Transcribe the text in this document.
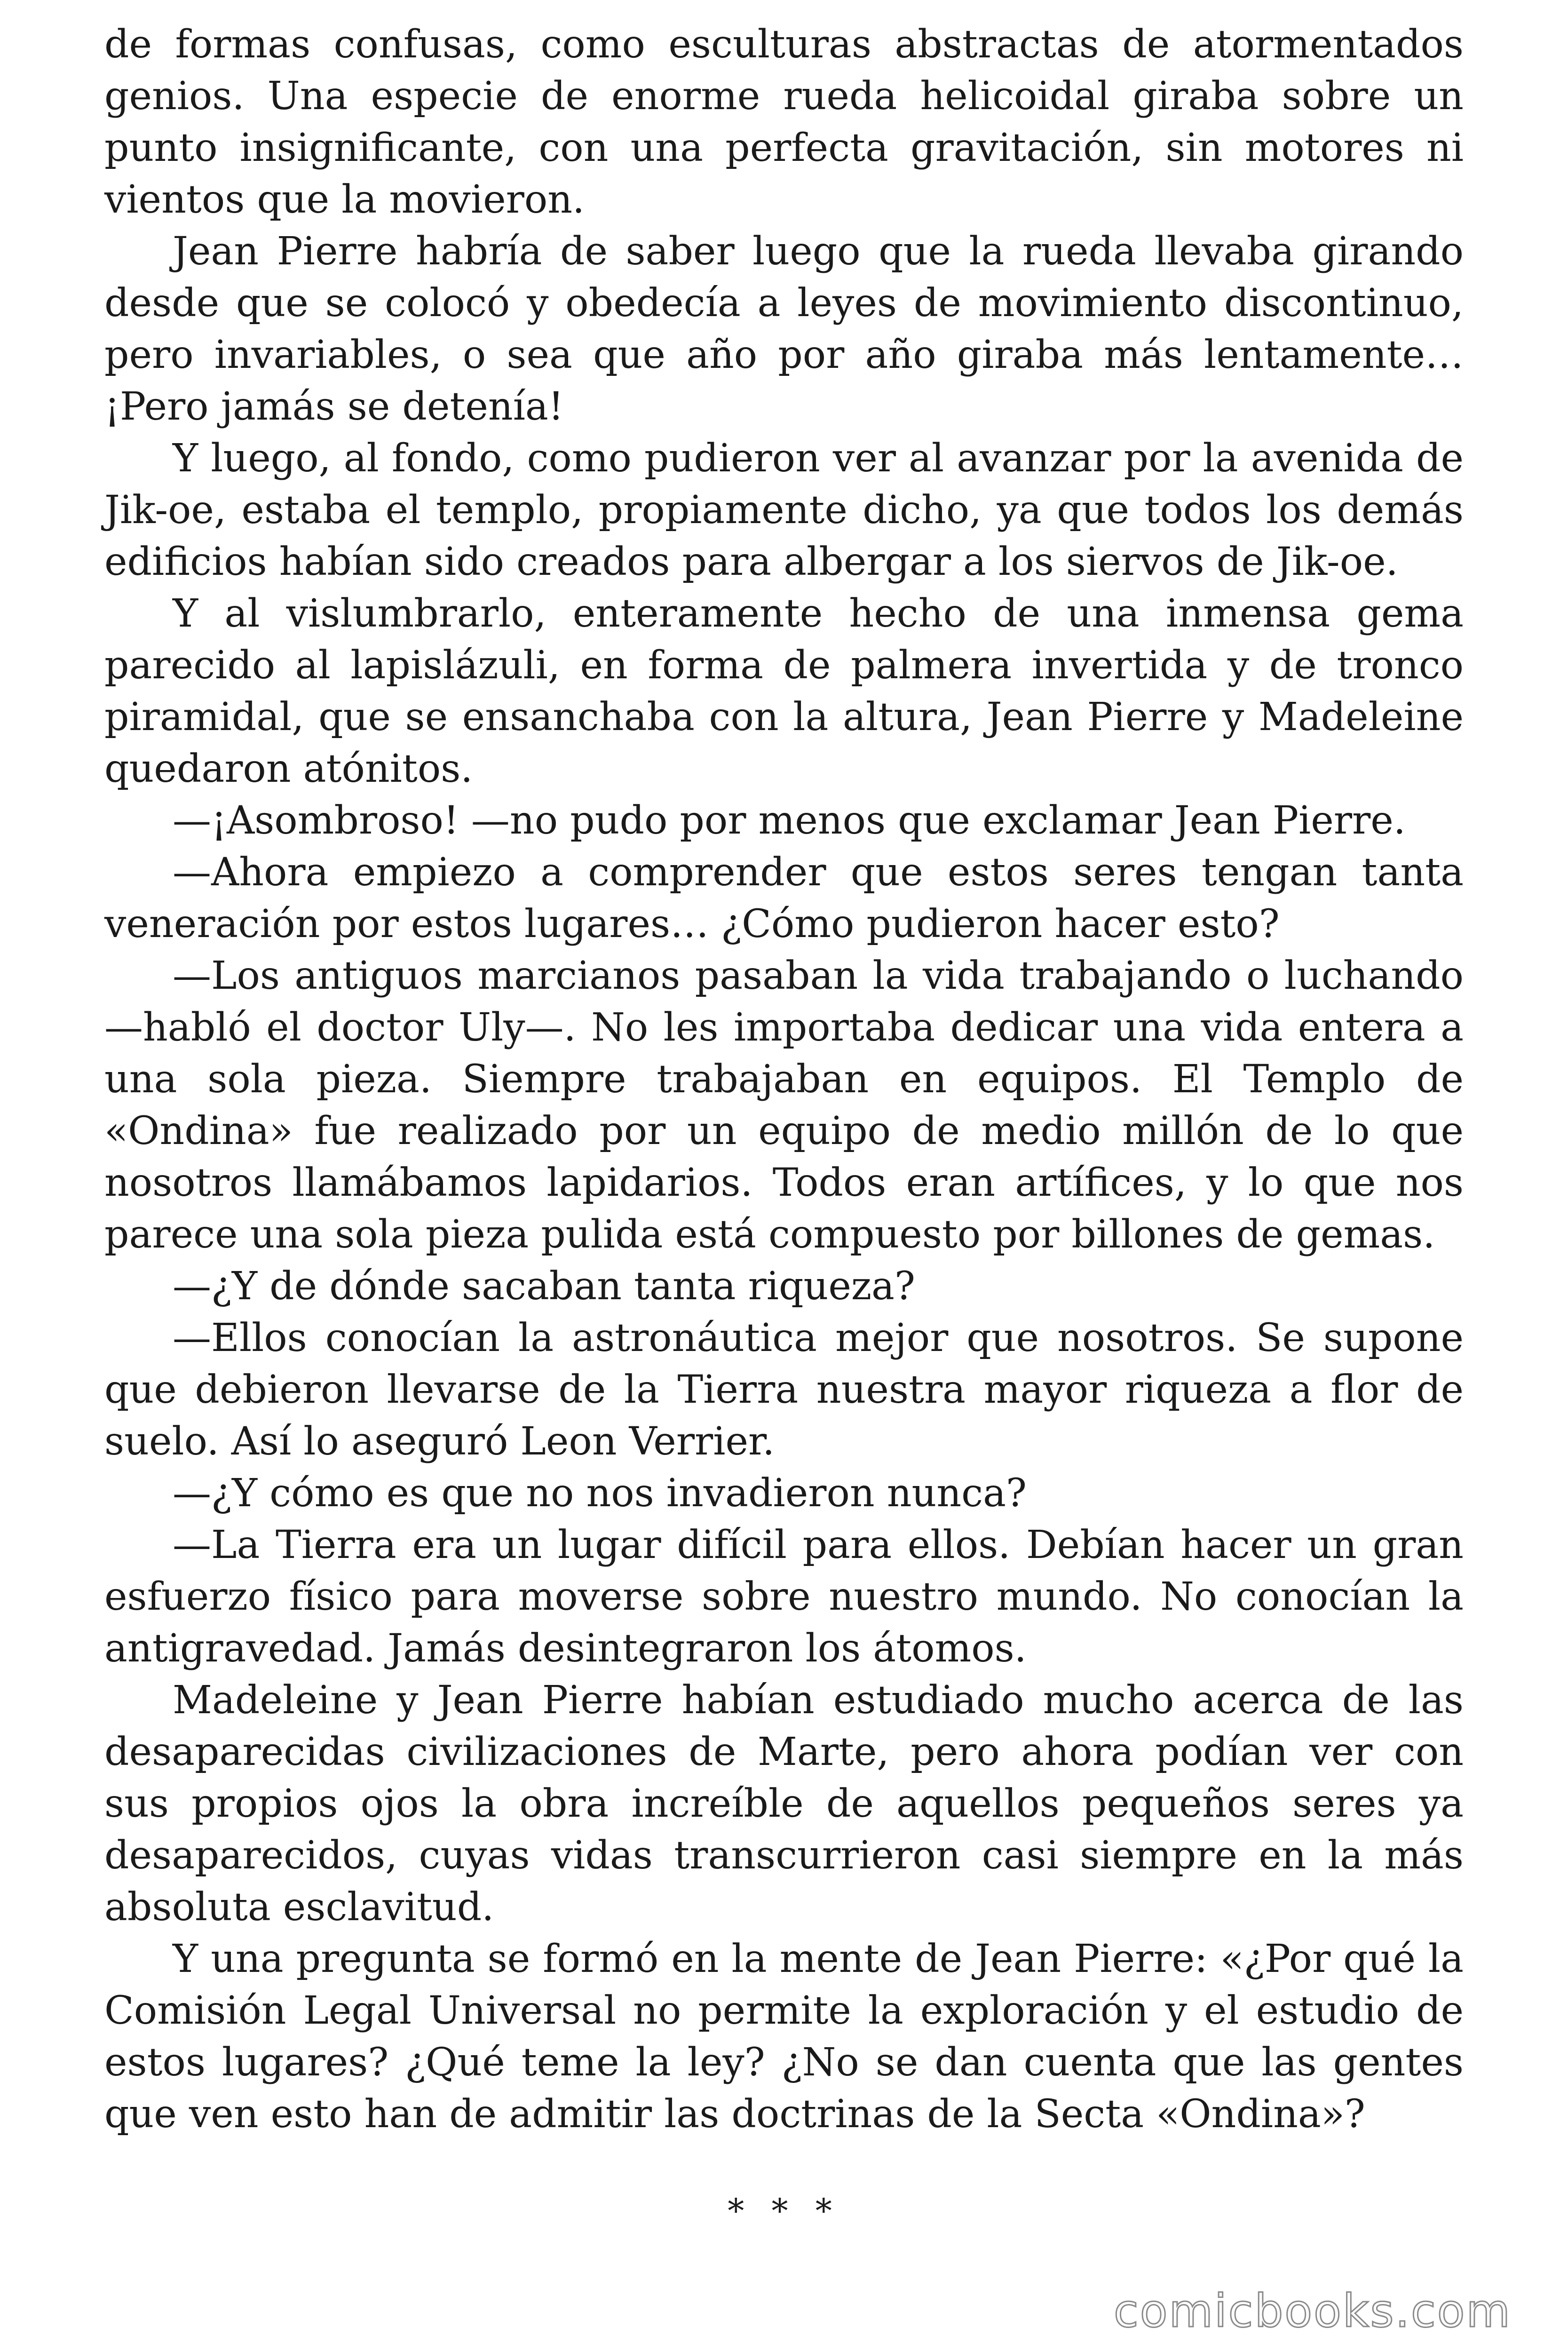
de formas confusas, como esculturas abstractas de atormentados genios. Una especie de enorme rueda helicoidal giraba sobre un punto insignificante, con una perfecta gravitación, sin motores ni vientos que la movieron.

Jean Pierre habría de saber luego que la rueda llevaba girando desde que se colocó y obedecía a leyes de movimiento discontinuo, pero invariables, o sea que año por año giraba más lentamente… ¡Pero jamás se detenía!

Y luego, al fondo, como pudieron ver al avanzar por la avenida de Jik-oe, estaba el templo, propiamente dicho, ya que todos los demás edificios habían sido creados para albergar a los siervos de Jik-oe.

Y al vislumbrarlo, enteramente hecho de una inmensa gema parecido al lapislázuli, en forma de palmera invertida y de tronco piramidal, que se ensanchaba con la altura, Jean Pierre y Madeleine quedaron atónitos.

—¡Asombroso! —no pudo por menos que exclamar Jean Pierre.

—Ahora empiezo a comprender que estos seres tengan tanta veneración por estos lugares… ¿Cómo pudieron hacer esto?

—Los antiguos marcianos pasaban la vida trabajando o luchando —habló el doctor Uly—. No les importaba dedicar una vida entera a una sola pieza. Siempre trabajaban en equipos. El Templo de «Ondina» fue realizado por un equipo de medio millón de lo que nosotros llamábamos lapidarios. Todos eran artífices, y lo que nos parece una sola pieza pulida está compuesto por billones de gemas.

—¿Y de dónde sacaban tanta riqueza?

—Ellos conocían la astronáutica mejor que nosotros. Se supone que debieron llevarse de la Tierra nuestra mayor riqueza a flor de suelo. Así lo aseguró Leon Verrier.

—¿Y cómo es que no nos invadieron nunca?

—La Tierra era un lugar difícil para ellos. Debían hacer un gran esfuerzo físico para moverse sobre nuestro mundo. No conocían la antigravedad. Jamás desintegraron los átomos.

Madeleine y Jean Pierre habían estudiado mucho acerca de las desaparecidas civilizaciones de Marte, pero ahora podían ver con sus propios ojos la obra increíble de aquellos pequeños seres ya desaparecidos, cuyas vidas transcurrieron casi siempre en la más absoluta esclavitud.

Y una pregunta se formó en la mente de Jean Pierre: «¿Por qué la Comisión Legal Universal no permite la exploración y el estudio de estos lugares? ¿Qué teme la ley? ¿No se dan cuenta que las gentes que ven esto han de admitir las doctrinas de la Secta «Ondina»?

* * *
comicbooks.com
